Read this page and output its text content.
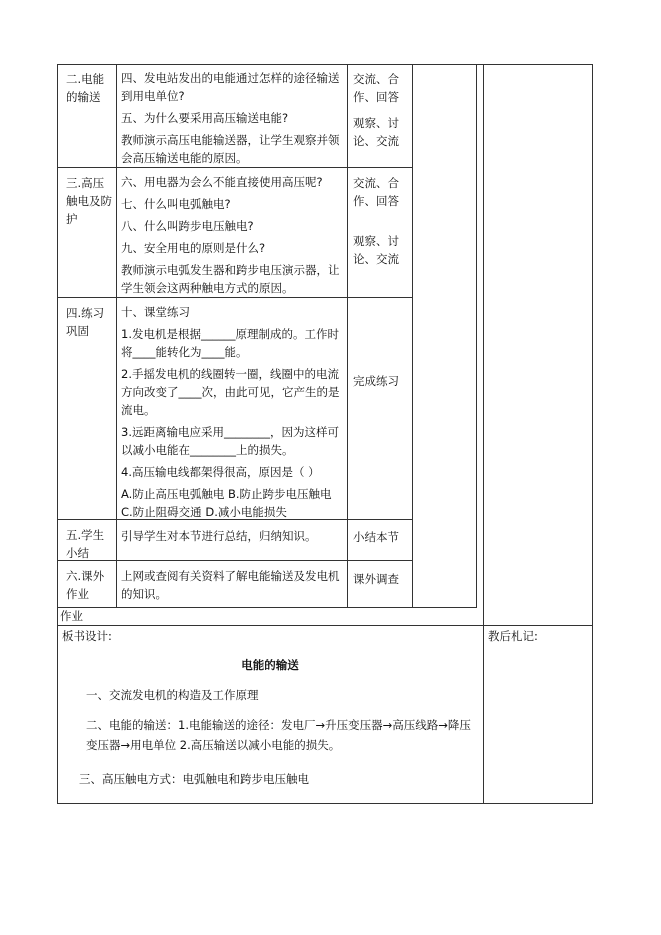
二.电能的输送

四、发电站发出的电能通过怎样的途径输送到用电单位?

五、为什么要采用高压输送电能?

教师演示高压电能输送器，让学生观察并领会高压输送电能的原因。

交流、合作、回答

观察、讨论、交流

三.高压触电及防护

六、用电器为会么不能直接使用高压呢?

七、什么叫电弧触电?

八、什么叫跨步电压触电?

九、安全用电的原则是什么?

教师演示电弧发生器和跨步电压演示器，让学生领会这两种触电方式的原因。

交流、合作、回答

观察、讨论、交流

四.练习巩固

十、课堂练习

1.发电机是根据______原理制成的。工作时将____能转化为____能。

2.手摇发电机的线圈转一圈，线圈中的电流方向改变了____次，由此可见，它产生的是流电。

3.远距离输电应采用________，因为这样可以减小电能在________上的损失。

4.高压输电线都架得很高，原因是（ ）

A.防止高压电弧触电 B.防止跨步电压触电 C.防止阻碍交通 D.减小电能损失

完成练习

五.学生小结

引导学生对本节进行总结，归纳知识。	小结本节

六.课外作业

上网或查阅有关资料了解电能输送及发电机的知识。

课外调查

作业
板书设计:
电能的输送
一、交流发电机的构造及工作原理
二、电能的输送：1.电能输送的途径：发电厂→升压变压器→高压线路→降压
变压器→用电单位 2.高压输送以减小电能的损失。
三、高压触电方式：电弧触电和跨步电压触电
教后札记:
